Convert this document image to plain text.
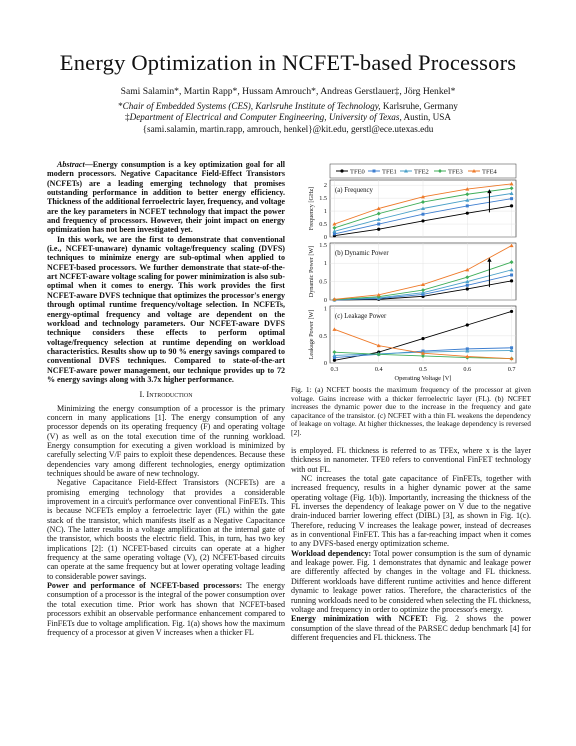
Energy Optimization in NCFET-based Processors
Sami Salamin*, Martin Rapp*, Hussam Amrouch*, Andreas Gerstlauer‡, Jörg Henkel*
*Chair of Embedded Systems (CES), Karlsruhe Institute of Technology, Karlsruhe, Germany
‡Department of Electrical and Computer Engineering, University of Texas, Austin, USA
{sami.salamin, martin.rapp, amrouch, henkel}@kit.edu, gerstl@ece.utexas.edu

Abstract—Energy consumption is a key optimization goal for all modern processors. Negative Capacitance Field-Effect Transistors (NCFETs) are a leading emerging technology that promises outstanding performance in addition to better energy efficiency. Thickness of the additional ferroelectric layer, frequency, and voltage are the key parameters in NCFET technology that impact the power and frequency of processors. However, their joint impact on energy optimization has not been investigated yet.

In this work, we are the first to demonstrate that conventional (i.e., NCFET-unaware) dynamic voltage/frequency scaling (DVFS) techniques to minimize energy are sub-optimal when applied to NCFET-based processors. We further demonstrate that state-of-the-art NCFET-aware voltage scaling for power minimization is also sub-optimal when it comes to energy. This work provides the first NCFET-aware DVFS technique that optimizes the processor's energy through optimal runtime frequency/voltage selection. In NCFETs, energy-optimal frequency and voltage are dependent on the workload and technology parameters. Our NCFET-aware DVFS technique considers these effects to perform optimal voltage/frequency selection at runtime depending on workload characteristics. Results show up to 90 % energy savings compared to conventional DVFS techniques. Compared to state-of-the-art NCFET-aware power management, our technique provides up to 72 % energy savings along with 3.7x higher performance.

I. Introduction

Minimizing the energy consumption of a processor is the primary concern in many applications [1]. The energy consumption of any processor depends on its operating frequency (F) and operating voltage (V) as well as on the total execution time of the running workload. Energy consumption for executing a given workload is minimized by carefully selecting V/F pairs to exploit these dependences. Because these dependencies vary among different technologies, energy optimization techniques should be aware of new technology.

Negative Capacitance Field-Effect Transistors (NCFETs) are a promising emerging technology that provides a considerable improvement in a circuit's performance over conventional FinFETs. This is because NCFETs employ a ferroelectric layer (FL) within the gate stack of the transistor, which manifests itself as a Negative Capacitance (NC). The latter results in a voltage amplification at the internal gate of the transistor, which boosts the electric field. This, in turn, has two key implications [2]: (1) NCFET-based circuits can operate at a higher frequency at the same operating voltage (V), (2) NCFET-based circuits can operate at the same frequency but at lower operating voltage leading to considerable power savings.

Power and performance of NCFET-based processors: The energy consumption of a processor is the integral of the power consumption over the total execution time. Prior work has shown that NCFET-based processors exhibit an observable performance enhancement compared to FinFETs due to voltage amplification. Fig. 1(a) shows how the maximum frequency of a processor at given V increases when a thicker FL

TFE0	TFE1	TFE2	TFE3	TFE4
0
0.5
1
1.5
2
Frequency [GHz]	(a) Frequency
0
0.5
1
1.5
Dynamic Power [W]	(b) Dynamic Power
0
0.5
1
Leakage Power [W]	(c) Leakage Power
0.3	0.4	0.5	0.6	0.7
Operating Voltage [V]
Fig. 1: (a) NCFET boosts the maximum frequency of the processor at given voltage. Gains increase with a thicker ferroelectric layer (FL). (b) NCFET increases the dynamic power due to the increase in the frequency and gate capacitance of the transistor. (c) NCFET with a thin FL weakens the dependency of leakage on voltage. At higher thicknesses, the leakage dependency is reversed [2].

is employed. FL thickness is referred to as TFEx, where x is the layer thickness in nanometer. TFE0 refers to conventional FinFET technology with out FL.

NC increases the total gate capacitance of FinFETs, together with increased frequency, results in a higher dynamic power at the same operating voltage (Fig. 1(b)). Importantly, increasing the thickness of the FL inverses the dependency of leakage power on V due to the negative drain-induced barrier lowering effect (DIBL) [3], as shown in Fig. 1(c). Therefore, reducing V increases the leakage power, instead of decreases as in conventional FinFET. This has a far-reaching impact when it comes to any DVFS-based energy optimization scheme.

Workload dependency: Total power consumption is the sum of dynamic and leakage power. Fig. 1 demonstrates that dynamic and leakage power are differently affected by changes in the voltage and FL thickness. Different workloads have different runtime activities and hence different dynamic to leakage power ratios. Therefore, the characteristics of the running workloads need to be considered when selecting the FL thickness, voltage and frequency in order to optimize the processor's energy.

Energy minimization with NCFET: Fig. 2 shows the power consumption of the slave thread of the PARSEC dedup benchmark [4] for different frequencies and FL thickness. The
